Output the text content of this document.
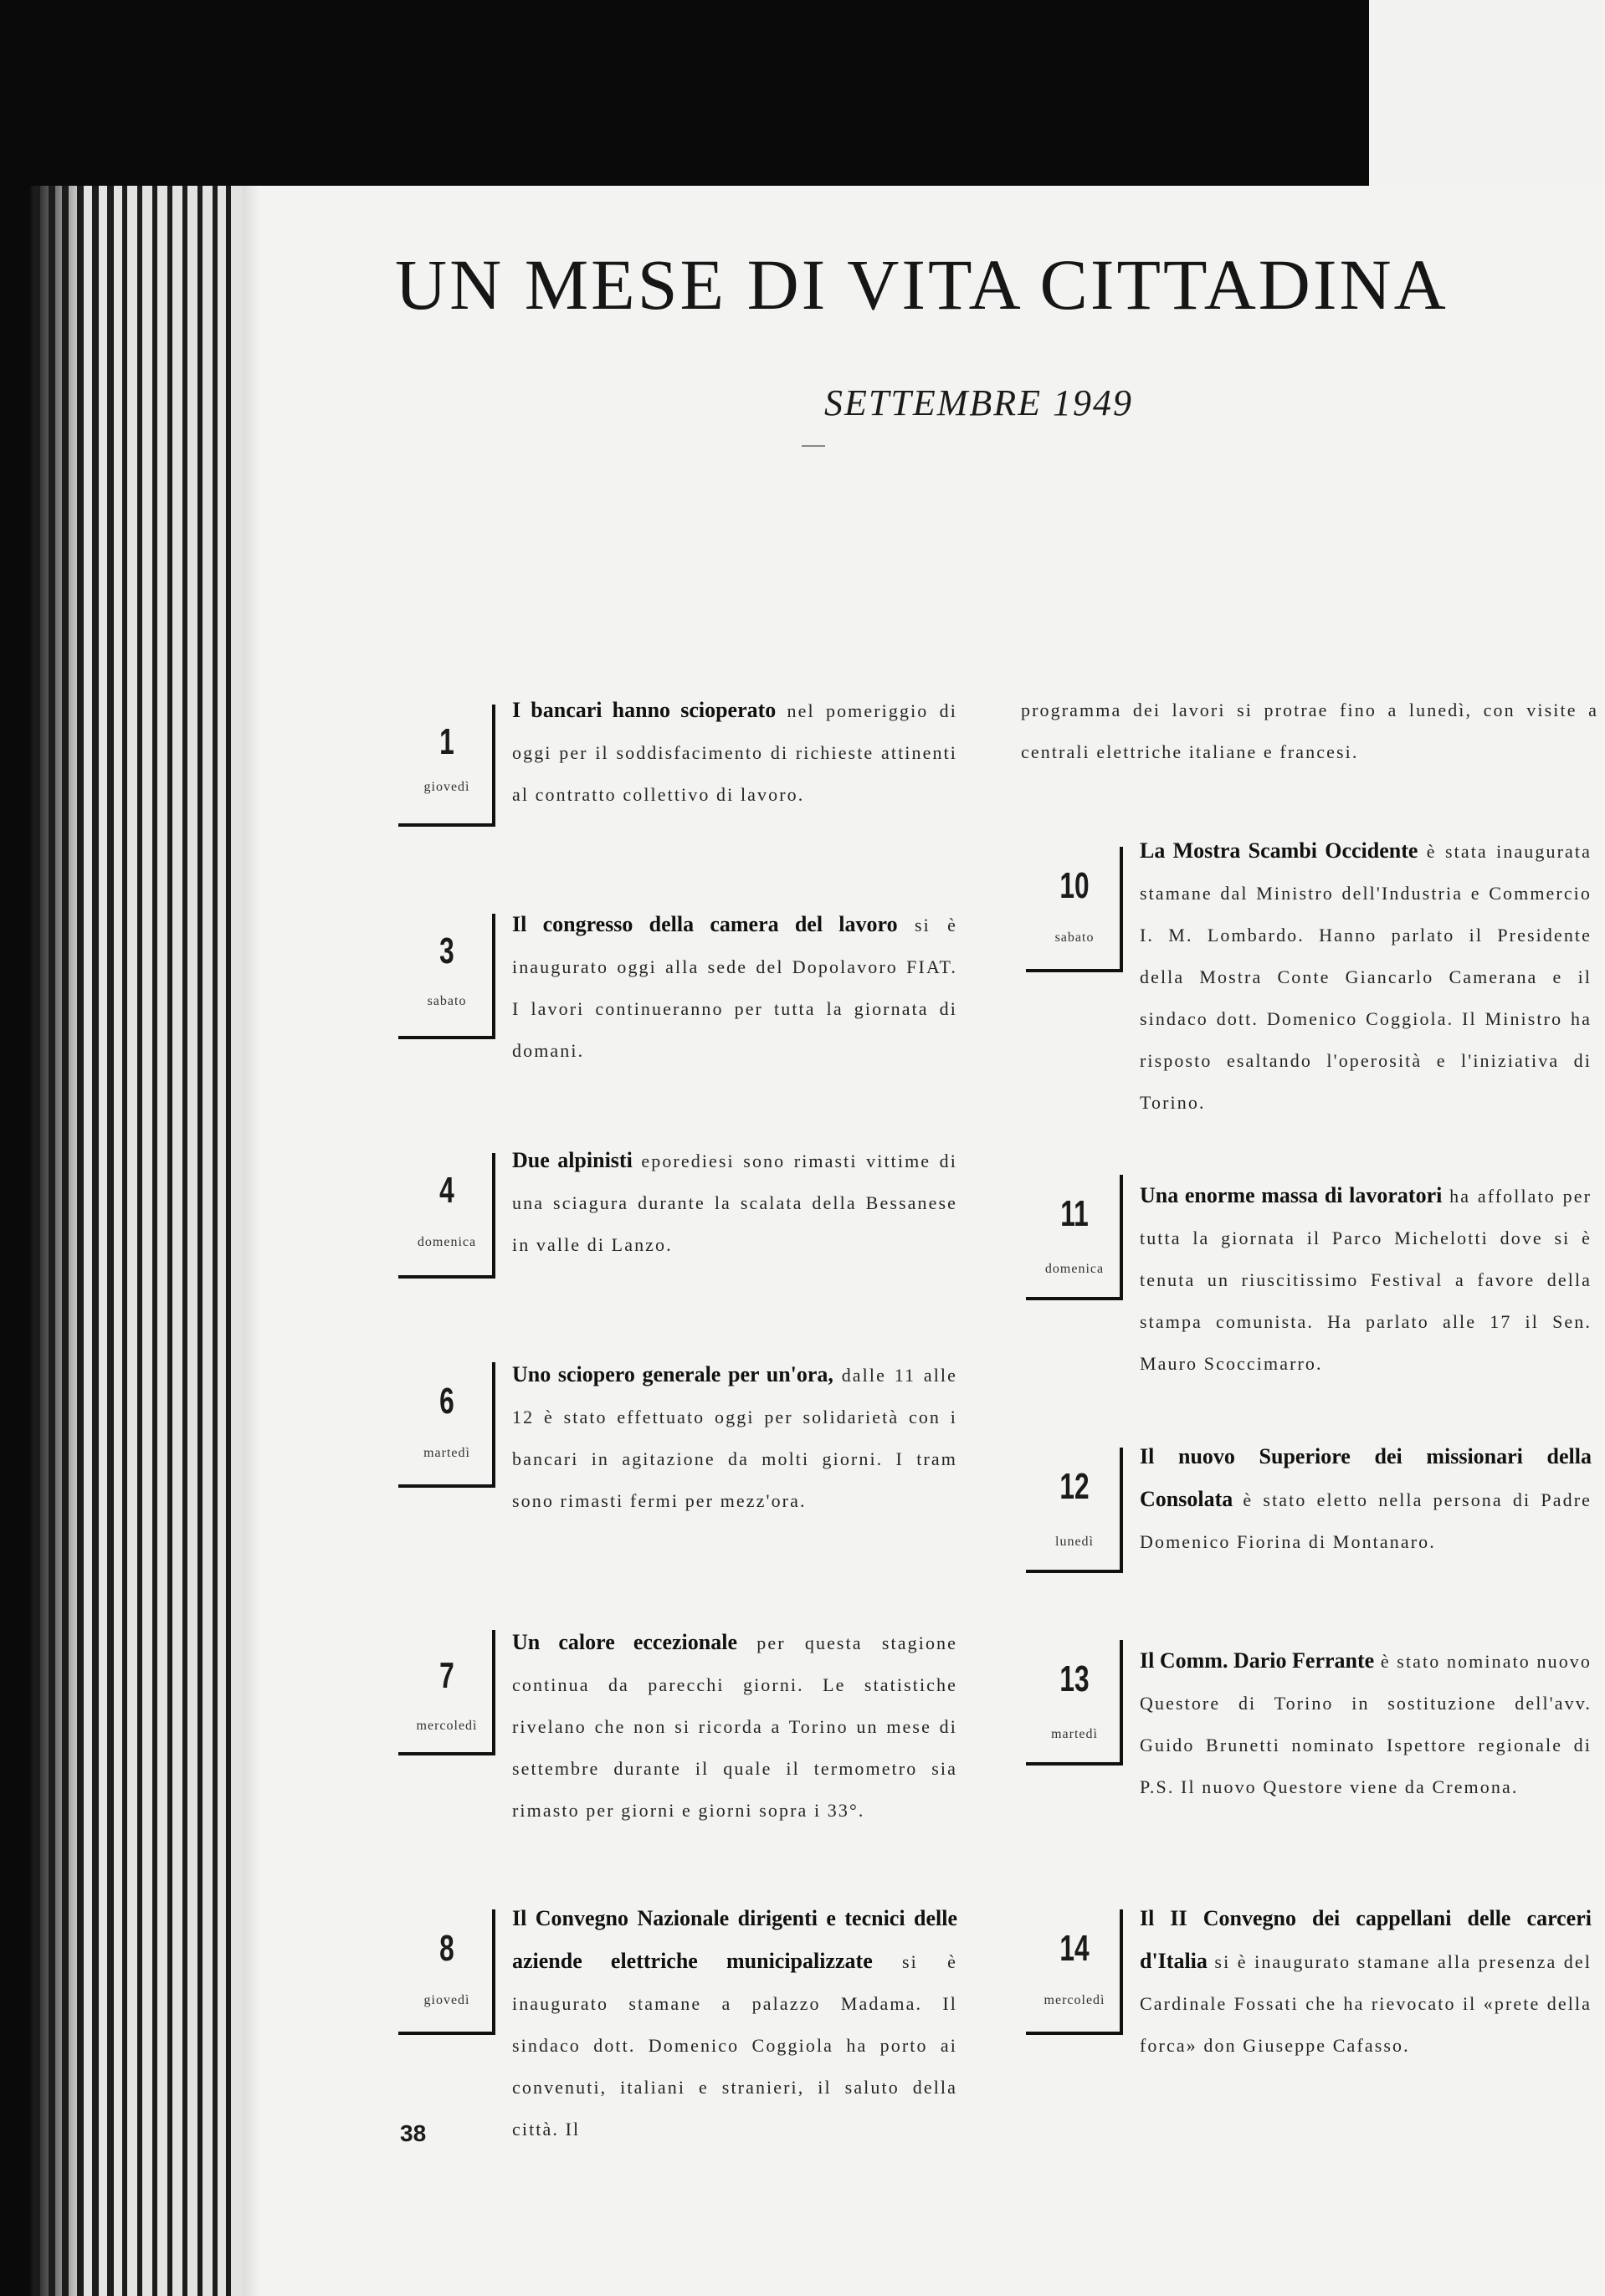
UN MESE DI VITA CITTADINA
SETTEMBRE 1949
1
giovedì
I bancari hanno scioperato nel pomeriggio di oggi per il soddisfacimento di richieste attinenti al contratto collettivo di lavoro.
3
sabato
Il congresso della camera del lavoro si è inaugurato oggi alla sede del Dopolavoro FIAT. I lavori continueranno per tutta la giornata di domani.
4
domenica
Due alpinisti eporediesi sono rimasti vittime di una sciagura durante la scalata della Bessanese in valle di Lanzo.
6
martedì
Uno sciopero generale per un'ora, dalle 11 alle 12 è stato effettuato oggi per solidarietà con i bancari in agitazione da molti giorni. I tram sono rimasti fermi per mezz'ora.
7
mercoledì
Un calore eccezionale per questa stagione continua da parecchi giorni. Le statistiche rivelano che non si ricorda a Torino un mese di settembre durante il quale il termometro sia rimasto per giorni e giorni sopra i 33°.
8
giovedì
Il Convegno Nazionale dirigenti e tecnici delle aziende elettriche municipalizzate si è inaugurato stamane a palazzo Madama. Il sindaco dott. Domenico Coggiola ha porto ai convenuti, italiani e stranieri, il saluto della città. Il
programma dei lavori si protrae fino a lunedì, con visite a centrali elettriche italiane e francesi.
10
sabato
La Mostra Scambi Occidente è stata inaugurata stamane dal Ministro dell'Industria e Commercio I. M. Lombardo. Hanno parlato il Presidente della Mostra Conte Giancarlo Camerana e il sindaco dott. Domenico Coggiola. Il Ministro ha risposto esaltando l'operosità e l'iniziativa di Torino.
11
domenica
Una enorme massa di lavoratori ha affollato per tutta la giornata il Parco Michelotti dove si è tenuta un riuscitissimo Festival a favore della stampa comunista. Ha parlato alle 17 il Sen. Mauro Scoccimarro.
12
lunedì
Il nuovo Superiore dei missionari della Consolata è stato eletto nella persona di Padre Domenico Fiorina di Montanaro.
13
martedì
Il Comm. Dario Ferrante è stato nominato nuovo Questore di Torino in sostituzione dell'avv. Guido Brunetti nominato Ispettore regionale di P.S. Il nuovo Questore viene da Cremona.
14
mercoledì
Il II Convegno dei cappellani delle carceri d'Italia si è inaugurato stamane alla presenza del Cardinale Fossati che ha rievocato il «prete della forca» don Giuseppe Cafasso.
38
